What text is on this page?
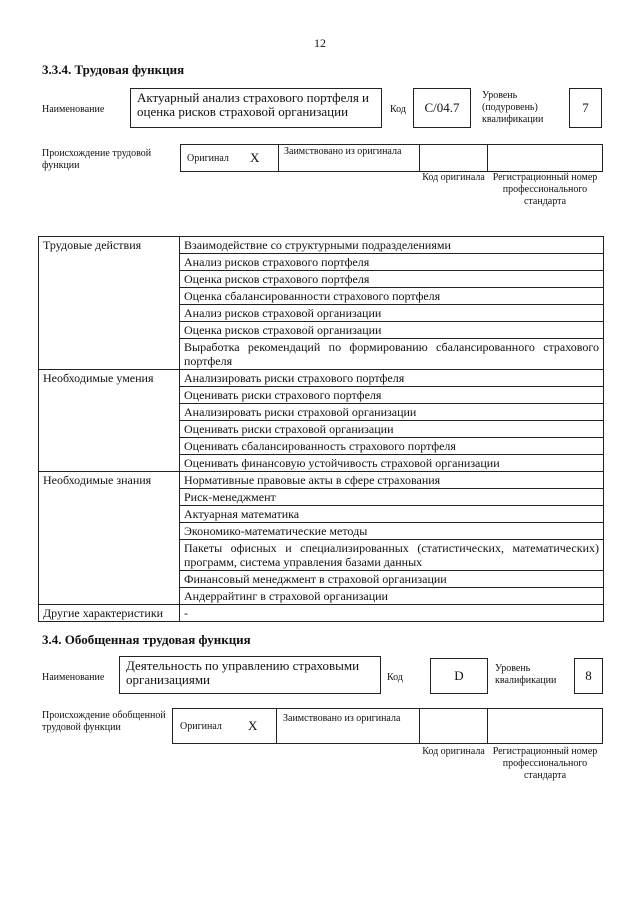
12
3.3.4. Трудовая функция
Наименование
Актуарный анализ страхового портфеля и оценка рисков страховой организации	Код	C/04.7
Уровень (подуровень) квалификации
7
Происхождение трудовой функции
Оригинал X Заимствовано из оригинала
Код оригинала Регистрационный номер профессионального стандарта
Трудовые действия	Взаимодействие со структурными подразделениями
	Анализ рисков страхового портфеля
	Оценка рисков страхового портфеля
	Оценка сбалансированности страхового портфеля
	Анализ рисков страховой организации
	Оценка рисков страховой организации

	Выработка рекомендаций по формированию сбалансированного страхового портфеля

Необходимые умения	Анализировать риски страхового портфеля
	Оценивать риски страхового портфеля
	Анализировать риски страховой организации
	Оценивать риски страховой организации
	Оценивать сбалансированность страхового портфеля
	Оценивать финансовую устойчивость страховой организации
Необходимые знания	Нормативные правовые акты в сфере страхования
	Риск-менеджмент
	Актуарная математика
	Экономико-математические методы

	Пакеты офисных и специализированных (статистических, математических) программ, система управления базами данных

	Финансовый менеджмент в страховой организации
	Андеррайтинг в страховой организации
Другие характеристики	-
3.4. Обобщенная трудовая функция
Наименование
Деятельность по управлению страховыми организациями	Код	D	Уровень квалификации	8
Происхождение обобщенной трудовой функции	Оригинал X	Заимствовано из оригинала
Код оригинала Регистрационный номер профессионального стандарта
